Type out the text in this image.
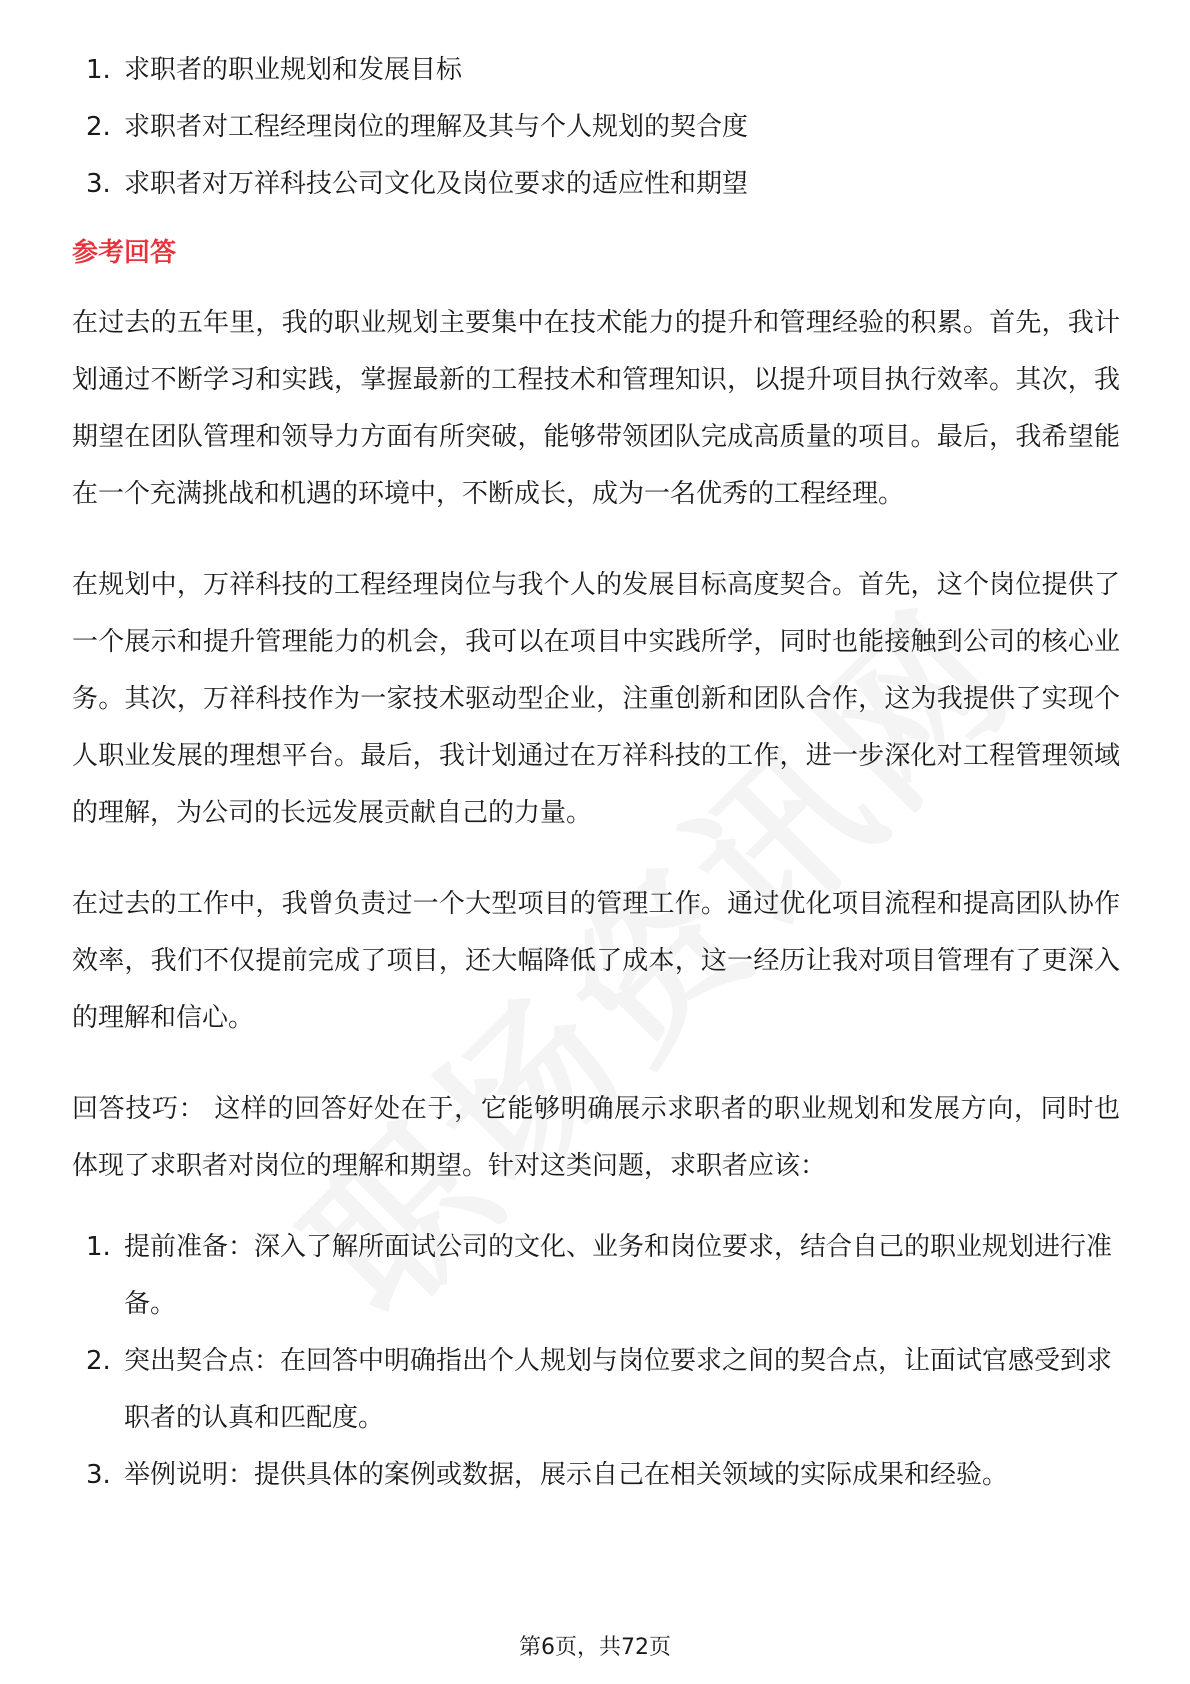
1. 求职者的职业规划和发展目标
2. 求职者对工程经理岗位的理解及其与个人规划的契合度
3. 求职者对万祥科技公司文化及岗位要求的适应性和期望
参考回答

在过去的五年里，我的职业规划主要集中在技术能力的提升和管理经验的积累。首先，我计划通过不断学习和实践，掌握最新的工程技术和管理知识，以提升项目执行效率。其次，我期望在团队管理和领导力方面有所突破，能够带领团队完成高质量的项目。最后，我希望能在一个充满挑战和机遇的环境中，不断成长，成为一名优秀的工程经理。

在规划中，万祥科技的工程经理岗位与我个人的发展目标高度契合。首先，这个岗位提供了一个展示和提升管理能力的机会，我可以在项目中实践所学，同时也能接触到公司的核心业务。其次，万祥科技作为一家技术驱动型企业，注重创新和团队合作，这为我提供了实现个人职业发展的理想平台。最后，我计划通过在万祥科技的工作，进一步深化对工程管理领域的理解，为公司的长远发展贡献自己的力量。

在过去的工作中，我曾负责过一个大型项目的管理工作。通过优化项目流程和提高团队协作效率，我们不仅提前完成了项目，还大幅降低了成本，这一经历让我对项目管理有了更深入的理解和信心。

回答技巧： 这样的回答好处在于，它能够明确展示求职者的职业规划和发展方向，同时也体现了求职者对岗位的理解和期望。针对这类问题，求职者应该：

1. 提前准备：深入了解所面试公司的文化、业务和岗位要求，结合自己的职业规划进行准备。
2. 突出契合点：在回答中明确指出个人规划与岗位要求之间的契合点，让面试官感受到求职者的认真和匹配度。
3. 举例说明：提供具体的案例或数据，展示自己在相关领域的实际成果和经验。
第6页，共72页
